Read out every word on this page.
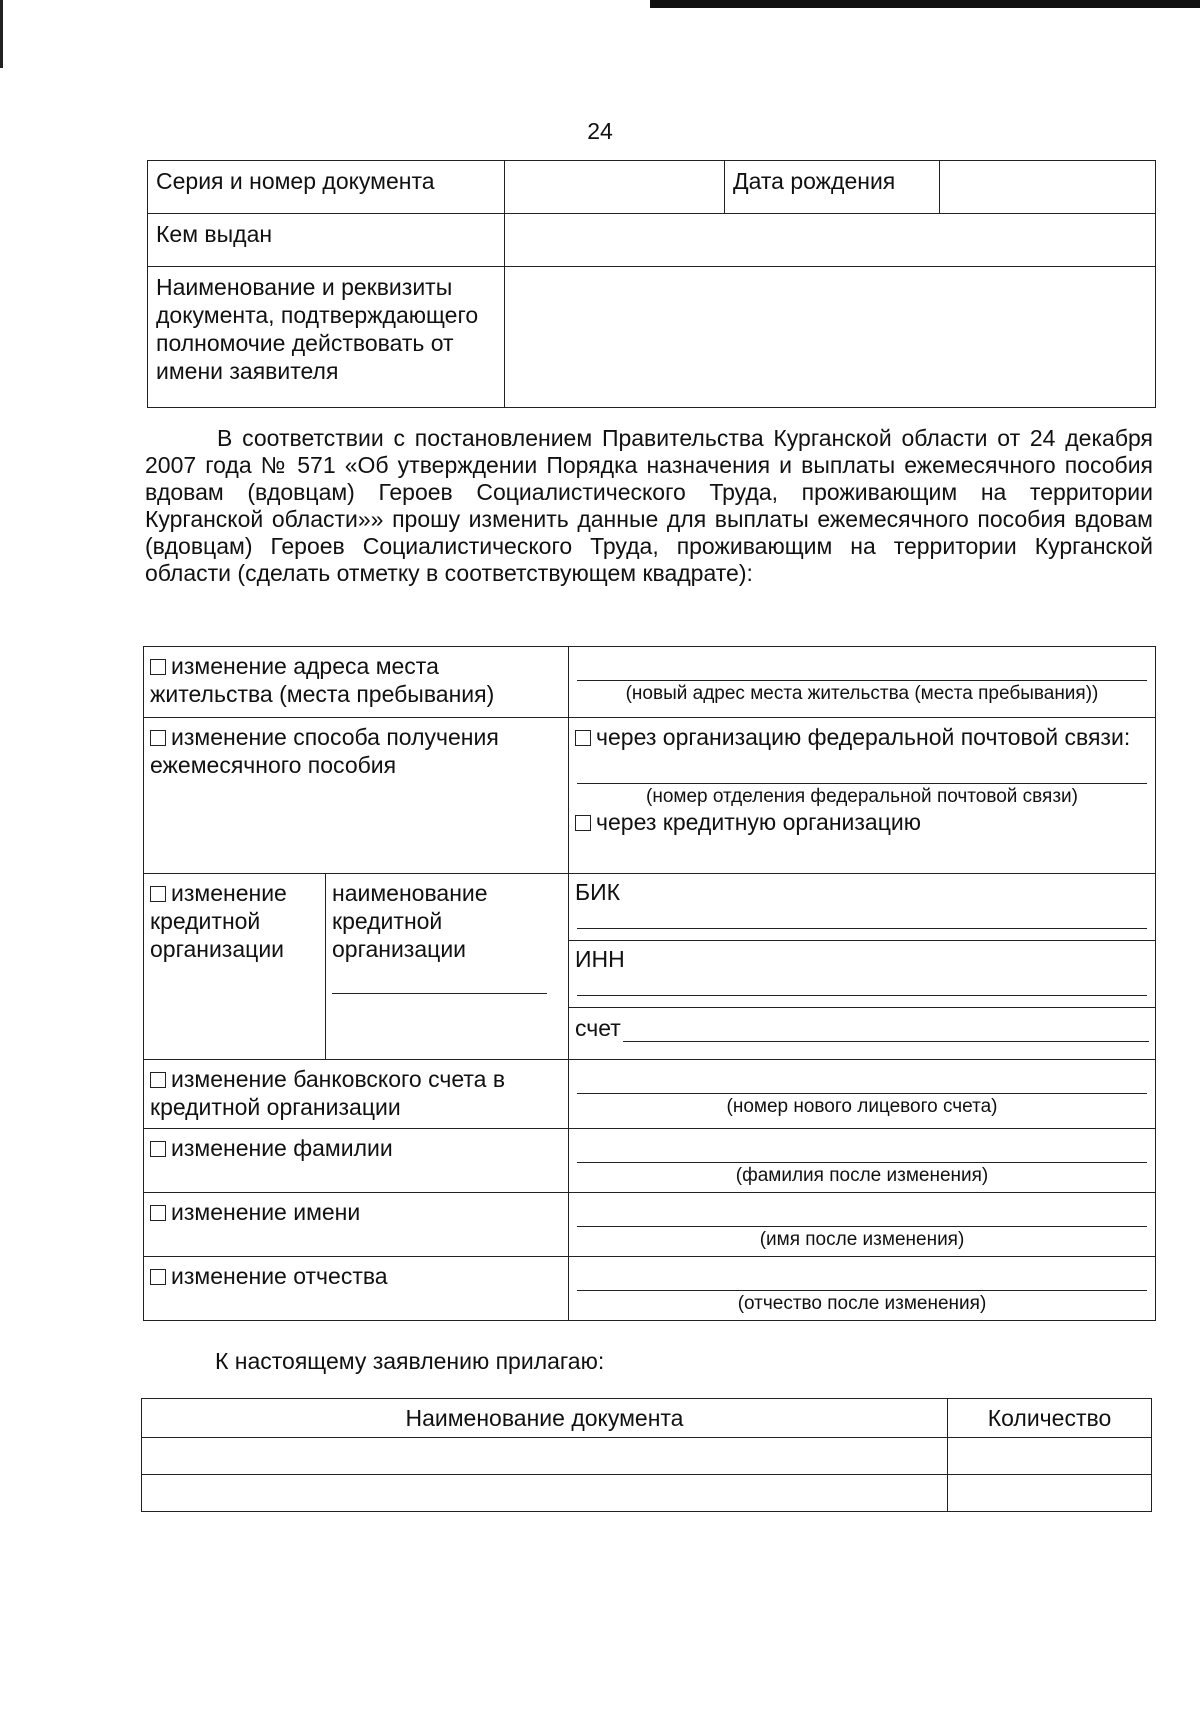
24
Серия и номер документа		Дата рождения	
Кем выдан			
Наименование и реквизиты документа, подтверждающего полномочие действовать от имени заявителя			
В соответствии с постановлением Правительства Курганской области от 24 декабря 2007 года № 571 «Об утверждении Порядка назначения и выплаты ежемесячного пособия вдовам (вдовцам) Героев Социалистического Труда, проживающим на территории Курганской области»» прошу изменить данные для выплаты ежемесячного пособия вдовам (вдовцам) Героев Социалистического Труда, проживающим на территории Курганской области (сделать отметку в соответствующем квадрате):
изменение адреса места жительства (места пребывания)		(новый адрес места жительства (места пребывания))

изменение способа получения ежемесячного пособия		через организацию федеральной почтовой связи:
(номер отделения федеральной почтовой связи)
через кредитную организацию

изменение кредитной организации	наименование кредитной организации	БИК
ИНН
счет

изменение банковского счета в кредитной организации		(номер нового лицевого счета)

изменение фамилии		(фамилия после изменения)

изменение имени		(имя после изменения)

изменение отчества		(отчество после изменения)
К настоящему заявлению прилагаю:
Наименование документа	Количество
